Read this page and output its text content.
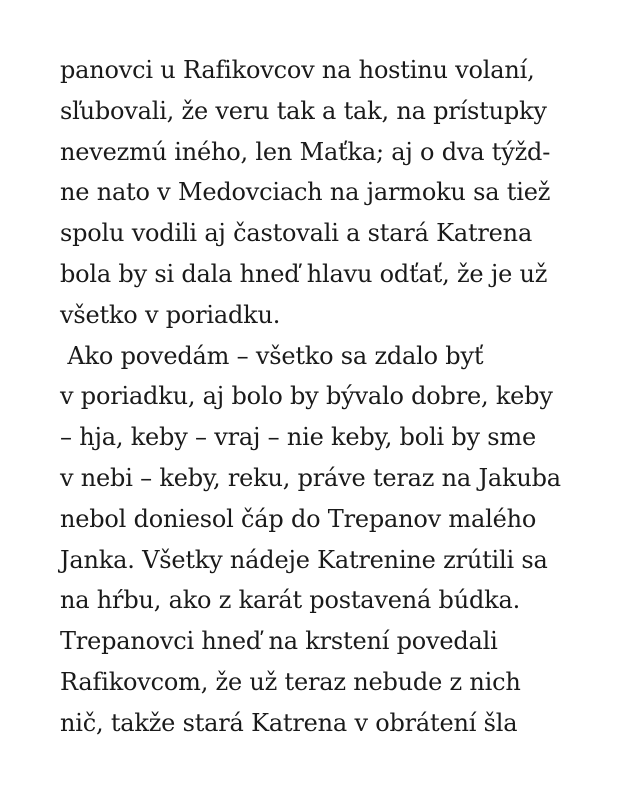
panovci u Rafikovcov na hostinu volaní,
sľubovali, že veru tak a tak, na prístupky
nevezmú iného, len Maťka; aj o dva týžd-
ne nato v Medovciach na jarmoku sa tiež
spolu vodili aj častovali a stará Katrena
bola by si dala hneď hlavu odťať, že je už
všetko v poriadku.
Ako povedám – všetko sa zdalo byť
v poriadku, aj bolo by bývalo dobre, keby
– hja, keby – vraj – nie keby, boli by sme
v nebi – keby, reku, práve teraz na Jakuba
nebol doniesol čáp do Trepanov malého
Janka. Všetky nádeje Katrenine zrútili sa
na hŕbu, ako z karát postavená búdka.
Trepanovci hneď na krstení povedali
Rafikovcom, že už teraz nebude z nich
nič, takže stará Katrena v obrátení šla
